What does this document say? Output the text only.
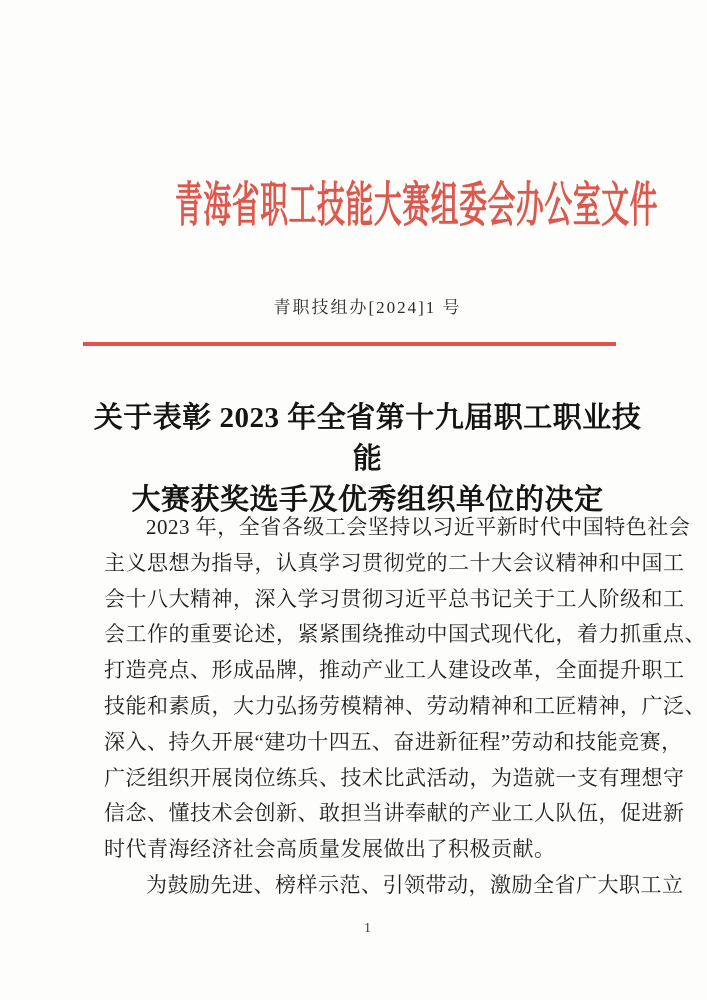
青海省职工技能大赛组委会办公室文件
青职技组办[2024]1 号
关于表彰 2023 年全省第十九届职工职业技能
大赛获奖选手及优秀组织单位的决定
2023 年，全省各级工会坚持以习近平新时代中国特色社会
主义思想为指导，认真学习贯彻党的二十大会议精神和中国工
会十八大精神，深入学习贯彻习近平总书记关于工人阶级和工
会工作的重要论述，紧紧围绕推动中国式现代化，着力抓重点、
打造亮点、形成品牌，推动产业工人建设改革，全面提升职工
技能和素质，大力弘扬劳模精神、劳动精神和工匠精神，广泛、
深入、持久开展“建功十四五、奋进新征程”劳动和技能竞赛，
广泛组织开展岗位练兵、技术比武活动，为造就一支有理想守
信念、懂技术会创新、敢担当讲奉献的产业工人队伍，促进新
时代青海经济社会高质量发展做出了积极贡献。
为鼓励先进、榜样示范、引领带动，激励全省广大职工立
1
